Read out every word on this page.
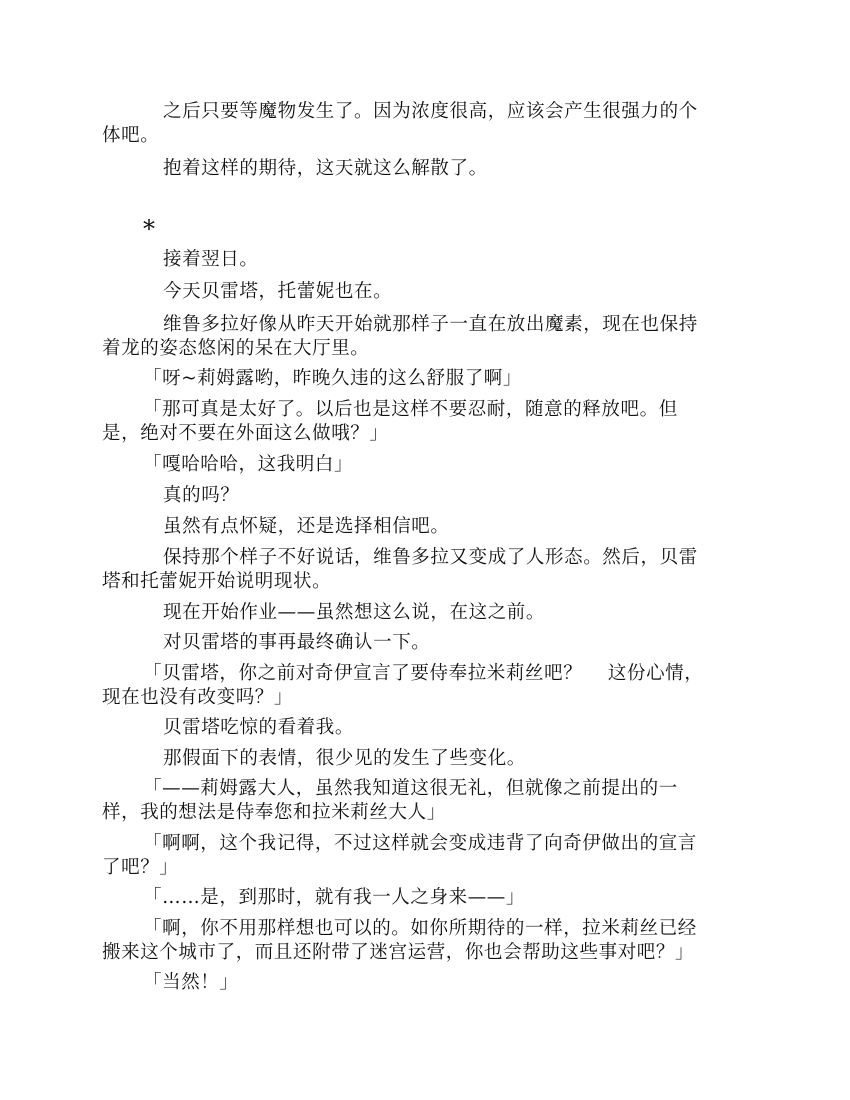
之后只要等魔物发生了。因为浓度很高，应该会产生很强力的个
体吧。
抱着这样的期待，这天就这么解散了。
*
接着翌日。
今天贝雷塔，托蕾妮也在。
维鲁多拉好像从昨天开始就那样子一直在放出魔素，现在也保持
着龙的姿态悠闲的呆在大厅里。
「呀~莉姆露哟，昨晚久违的这么舒服了啊」
「那可真是太好了。以后也是这样不要忍耐，随意的释放吧。但
是，绝对不要在外面这么做哦？」
「嘎哈哈哈，这我明白」
真的吗？
虽然有点怀疑，还是选择相信吧。
保持那个样子不好说话，维鲁多拉又变成了人形态。然后，贝雷
塔和托蕾妮开始说明现状。
现在开始作业——虽然想这么说，在这之前。
对贝雷塔的事再最终确认一下。
「贝雷塔，你之前对奇伊宣言了要侍奉拉米莉丝吧？　 这份心情，
现在也没有改变吗？」
贝雷塔吃惊的看着我。
那假面下的表情，很少见的发生了些变化。
「——莉姆露大人，虽然我知道这很无礼，但就像之前提出的一
样，我的想法是侍奉您和拉米莉丝大人」
「啊啊，这个我记得，不过这样就会变成违背了向奇伊做出的宣言
了吧？」
「……是，到那时，就有我一人之身来——」
「啊，你不用那样想也可以的。如你所期待的一样，拉米莉丝已经
搬来这个城市了，而且还附带了迷宫运营，你也会帮助这些事对吧？」
「当然！」
